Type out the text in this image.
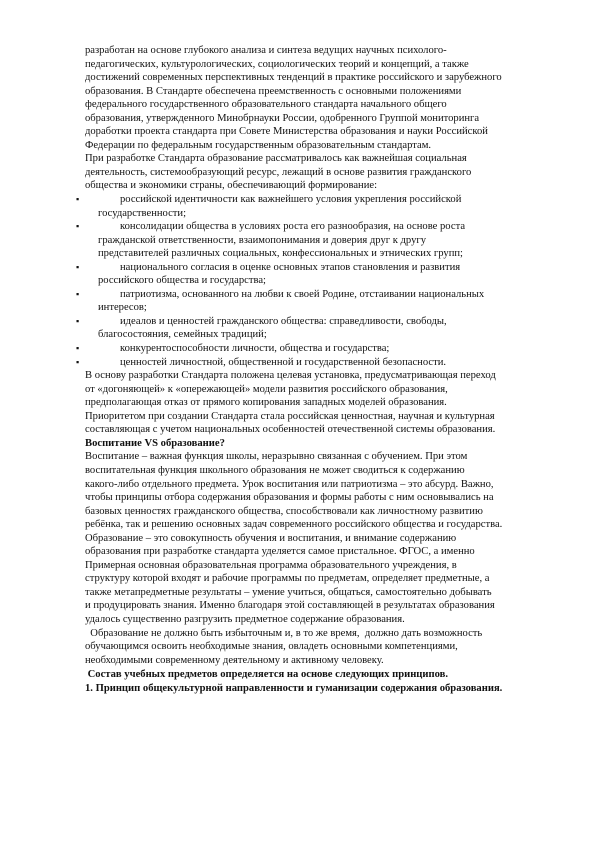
разработан на основе глубокого анализа и синтеза ведущих научных психолого-
педагогических, культурологических, социологических теорий и концепций, а также
достижений современных перспективных тенденций в практике российского и зарубежного
образования. В Стандарте обеспечена преемственность с основными положениями
федерального государственного образовательного стандарта начального общего
образования, утвержденного Минобрнауки России, одобренного Группой мониторинга
доработки проекта стандарта при Совете Министерства образования и науки Российской
Федерации по федеральным государственным образовательным стандартам.

При разработке Стандарта образование рассматривалось как важнейшая социальная
деятельность, системообразующий ресурс, лежащий в основе развития гражданского
общества и экономики страны, обеспечивающий формирование:

▪	российской идентичности как важнейшего условия укрепления российской
государственности;
▪	консолидации общества в условиях роста его разнообразия, на основе роста
гражданской ответственности, взаимопонимания и доверия друг к другу
представителей различных социальных, конфессиональных и этнических групп;
▪	национального согласия в оценке основных этапов становления и развития
российского общества и государства;
▪	патриотизма, основанного на любви к своей Родине, отстаивании национальных
интересов;
▪	идеалов и ценностей гражданского общества: справедливости, свободы,
благосостояния, семейных традиций;
▪	конкурентоспособности личности, общества и государства;
▪	ценностей личностной, общественной и государственной безопасности.

В основу разработки Стандарта положена целевая установка, предусматривающая переход
от «догоняющей» к «опережающей» модели развития российского образования,
предполагающая отказ от прямого копирования западных моделей образования.
Приоритетом при создании Стандарта стала российская ценностная, научная и культурная
составляющая с учетом национальных особенностей отечественной системы образования.

Воспитание VS образование?

Воспитание – важная функция школы, неразрывно связанная с обучением. При этом
воспитательная функция школьного образования не может сводиться к содержанию
какого-либо отдельного предмета. Урок воспитания или патриотизма – это абсурд. Важно,
чтобы принципы отбора содержания образования и формы работы с ним основывались на
базовых ценностях гражданского общества, способствовали как личностному развитию
ребёнка, так и решению основных задач современного российского общества и государства.
Образование – это совокупность обучения и воспитания, и внимание содержанию
образования при разработке стандарта уделяется самое пристальное. ФГОС, а именно
Примерная основная образовательная программа образовательного учреждения, в
структуру которой входят и рабочие программы по предметам, определяет предметные, а
также метапредметные результаты – умение учиться, общаться, самостоятельно добывать
и продуцировать знания. Именно благодаря этой составляющей в результатах образования
удалось существенно разгрузить предметное содержание образования.

Образование не должно быть избыточным и, в то же время,  должно дать возможность
обучающимся освоить необходимые знания, овладеть основными компетенциями,
необходимыми современному деятельному и активному человеку.

Состав учебных предметов определяется на основе следующих принципов.

1. Принцип общекультурной направленности и гуманизации содержания образования.
